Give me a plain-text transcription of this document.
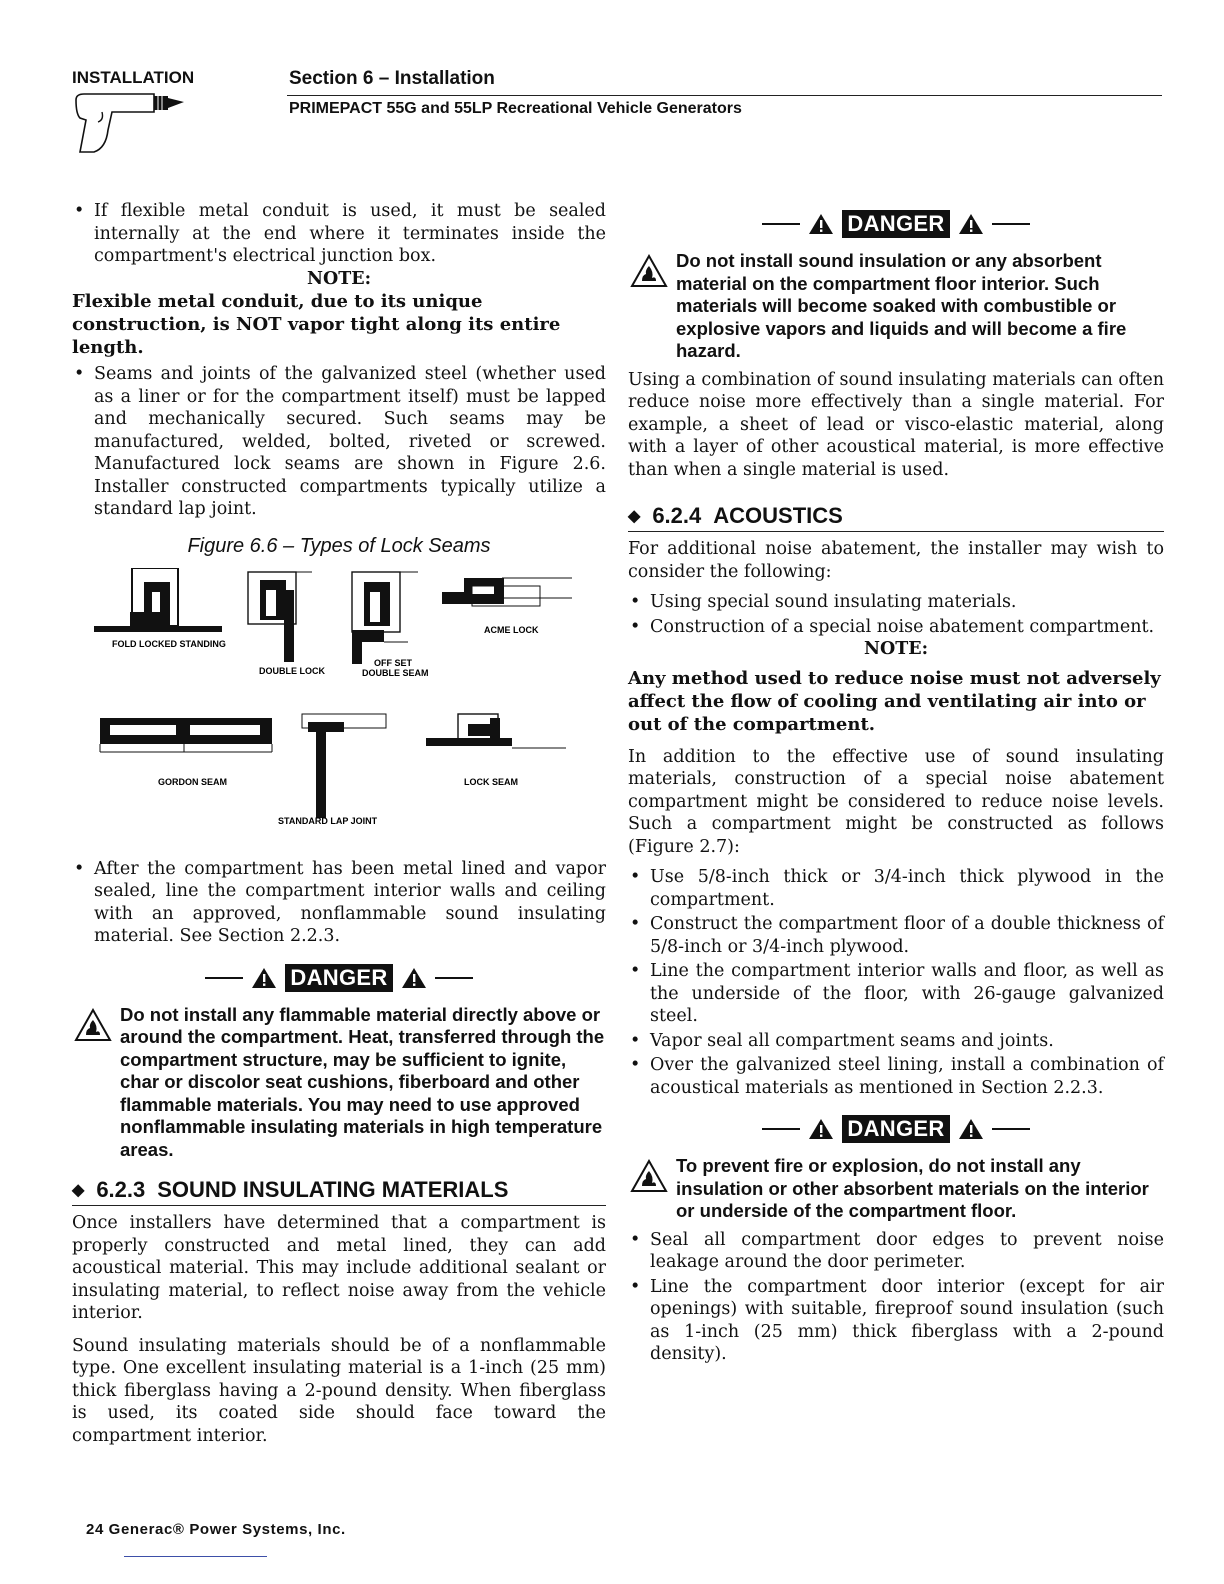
INSTALLATION	Section 6 – Installation
PRIMEPACT 55G and 55LP Recreational Vehicle Generators

• If flexible metal conduit is used, it must be sealed internally at the end where it terminates inside the compartment's electrical junction box.

NOTE:

Flexible metal conduit, due to its unique construction, is NOT vapor tight along its entire length.

• Seams and joints of the galvanized steel (whether used as a liner or for the compartment itself) must be lapped and mechanically secured. Such seams may be manufactured, welded, bolted, riveted or screwed. Manufactured lock seams are shown in Figure 2.6. Installer constructed compartments typically utilize a standard lap joint.

Figure 6.6 – Types of Lock Seams
FOLD LOCKED STANDING
DOUBLE LOCK
OFF SET
DOUBLE SEAM
ACME LOCK
GORDON SEAM
STANDARD LAP JOINT
LOCK SEAM

• After the compartment has been metal lined and vapor sealed, line the compartment interior walls and ceiling with an approved, nonflammable sound insulating material. See Section 2.2.3.

DANGER

Do not install any flammable material directly above or around the compartment. Heat, transferred through the compartment structure, may be sufficient to ignite, char or discolor seat cushions, fiberboard and other flammable materials. You may need to use approved nonflammable insulating materials in high temperature areas.

◆ 6.2.3 SOUND INSULATING MATERIALS

Once installers have determined that a compartment is properly constructed and metal lined, they can add acoustical material. This may include additional sealant or insulating material, to reflect noise away from the vehicle interior.

Sound insulating materials should be of a nonflammable type. One excellent insulating material is a 1-inch (25 mm) thick fiberglass having a 2-pound density. When fiberglass is used, its coated side should face toward the compartment interior.

DANGER

Do not install sound insulation or any absorbent material on the compartment floor interior. Such materials will become soaked with combustible or explosive vapors and liquids and will become a fire hazard.

Using a combination of sound insulating materials can often reduce noise more effectively than a single material. For example, a sheet of lead or visco-elastic material, along with a layer of other acoustical material, is more effective than when a single material is used.

◆ 6.2.4 ACOUSTICS

For additional noise abatement, the installer may wish to consider the following:

• Using special sound insulating materials.

• Construction of a special noise abatement compartment.

NOTE:

Any method used to reduce noise must not adversely affect the flow of cooling and ventilating air into or out of the compartment.

In addition to the effective use of sound insulating materials, construction of a special noise abatement compartment might be considered to reduce noise levels. Such a compartment might be constructed as follows (Figure 2.7):

• Use 5/8-inch thick or 3/4-inch thick plywood in the compartment.

• Construct the compartment floor of a double thickness of 5/8-inch or 3/4-inch plywood.

• Line the compartment interior walls and floor, as well as the underside of the floor, with 26-gauge galvanized steel.

• Vapor seal all compartment seams and joints.

• Over the galvanized steel lining, install a combination of acoustical materials as mentioned in Section 2.2.3.

DANGER

To prevent fire or explosion, do not install any insulation or other absorbent materials on the interior or underside of the compartment floor.

• Seal all compartment door edges to prevent noise leakage around the door perimeter.

• Line the compartment door interior (except for air openings) with suitable, fireproof sound insulation (such as 1-inch (25 mm) thick fiberglass with a 2-pound density).

24 Generac® Power Systems, Inc.
